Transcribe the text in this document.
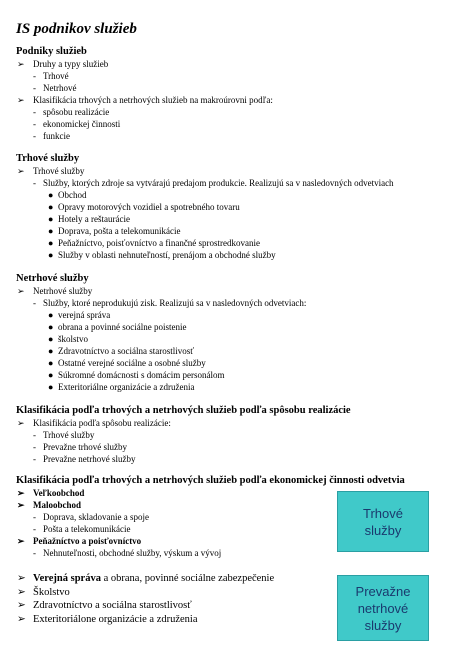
IS podnikov služieb
Podniky služieb
➢ Druhy a typy služieb
- Trhové
- Netrhové
➢ Klasifikácia trhových a netrhových služieb na makroúrovni podľa:
- spôsobu realizácie
- ekonomickej činnosti
- funkcie
Trhové služby
➢ Trhové služby
- Služby, ktorých zdroje sa vytvárajú predajom produkcie. Realizujú sa v nasledovných odvetviach
● Obchod
● Opravy motorových vozidiel a spotrebného tovaru
● Hotely a reštaurácie
● Doprava, pošta a telekomunikácie
● Peňažníctvo, poisťovníctvo a finančné sprostredkovanie
● Služby v oblasti nehnuteľností, prenájom a obchodné služby
Netrhové služby
➢ Netrhové služby
- Služby, ktoré neprodukujú zisk. Realizujú sa v nasledovných odvetviach:
● verejná správa
● obrana a povinné sociálne poistenie
● školstvo
● Zdravotníctvo a sociálna starostlivosť
● Ostatné verejné sociálne a osobné služby
● Súkromné domácnosti s domácim personálom
● Exteritoriálne organizácie a združenia
Klasifikácia podľa trhových a netrhových služieb podľa spôsobu realizácie
➢ Klasifikácia podľa spôsobu realizácie:
- Trhové služby
- Prevažne trhové služby
- Prevažne netrhové služby
Klasifikácia podľa trhových a netrhových služieb podľa ekonomickej činnosti odvetvia
➢ Veľkoobchod
➢ Maloobchod
- Doprava, skladovanie a spoje
- Pošta a telekomunikácie
➢ Peňažníctvo a poisťovníctvo
- Nehnuteľnosti, obchodné služby, výskum a vývoj
➢ Verejná správa a obrana, povinné sociálne zabezpečenie
➢ Školstvo
➢ Zdravotníctvo a sociálna starostlivosť
➢ Exteritoriálone organizácie a združenia
Trhové
služby
Prevažne
netrhové
služby
